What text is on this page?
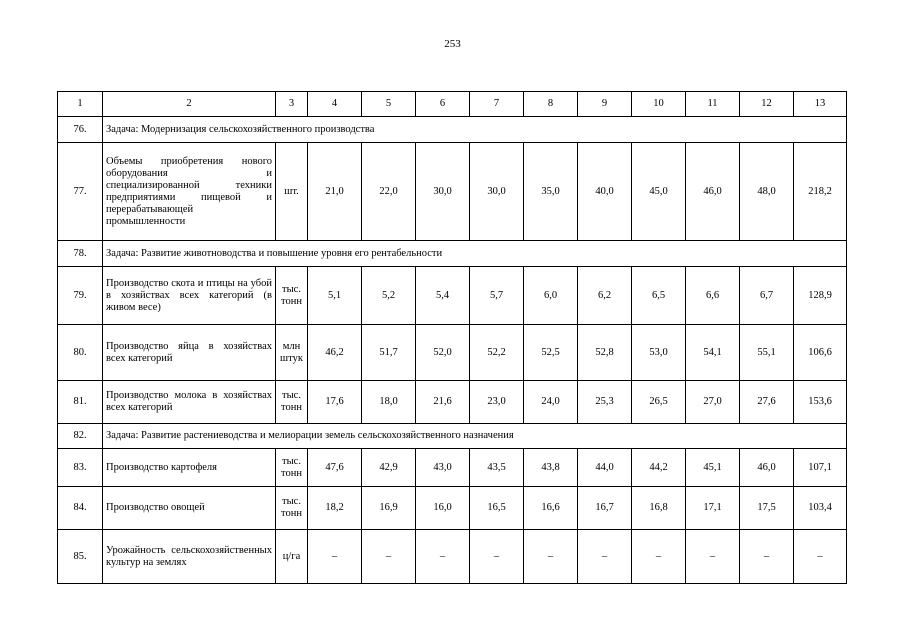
253
1	2	3	4	5	6	7	8	9	10	11	12	13
76.	Задача: Модернизация сельскохозяйственного производства											
77.	Объемы приобретения нового оборудования и специализированной техники предприятиями пищевой и перерабатывающей промышленности	шт.	21,0	22,0	30,0	30,0	35,0	40,0	45,0	46,0	48,0	218,2
78.	Задача: Развитие животноводства и повышение уровня его рентабельности											
79.	Производство скота и птицы на убой в хозяйствах всех категорий (в живом весе)	тыс. тонн	5,1	5,2	5,4	5,7	6,0	6,2	6,5	6,6	6,7	128,9
80.	Производство яйца в хозяйствах всех категорий	млн штук	46,2	51,7	52,0	52,2	52,5	52,8	53,0	54,1	55,1	106,6
81.	Производство молока в хозяйствах всех категорий	тыс. тонн	17,6	18,0	21,6	23,0	24,0	25,3	26,5	27,0	27,6	153,6
82.	Задача: Развитие растениеводства и мелиорации земель сельскохозяйственного назначения											
83.	Производство картофеля	тыс. тонн	47,6	42,9	43,0	43,5	43,8	44,0	44,2	45,1	46,0	107,1
84.	Производство овощей	тыс. тонн	18,2	16,9	16,0	16,5	16,6	16,7	16,8	17,1	17,5	103,4
85.	Урожайность сельскохозяйственных культур на землях	ц/га	–	–	–	–	–	–	–	–	–	–
